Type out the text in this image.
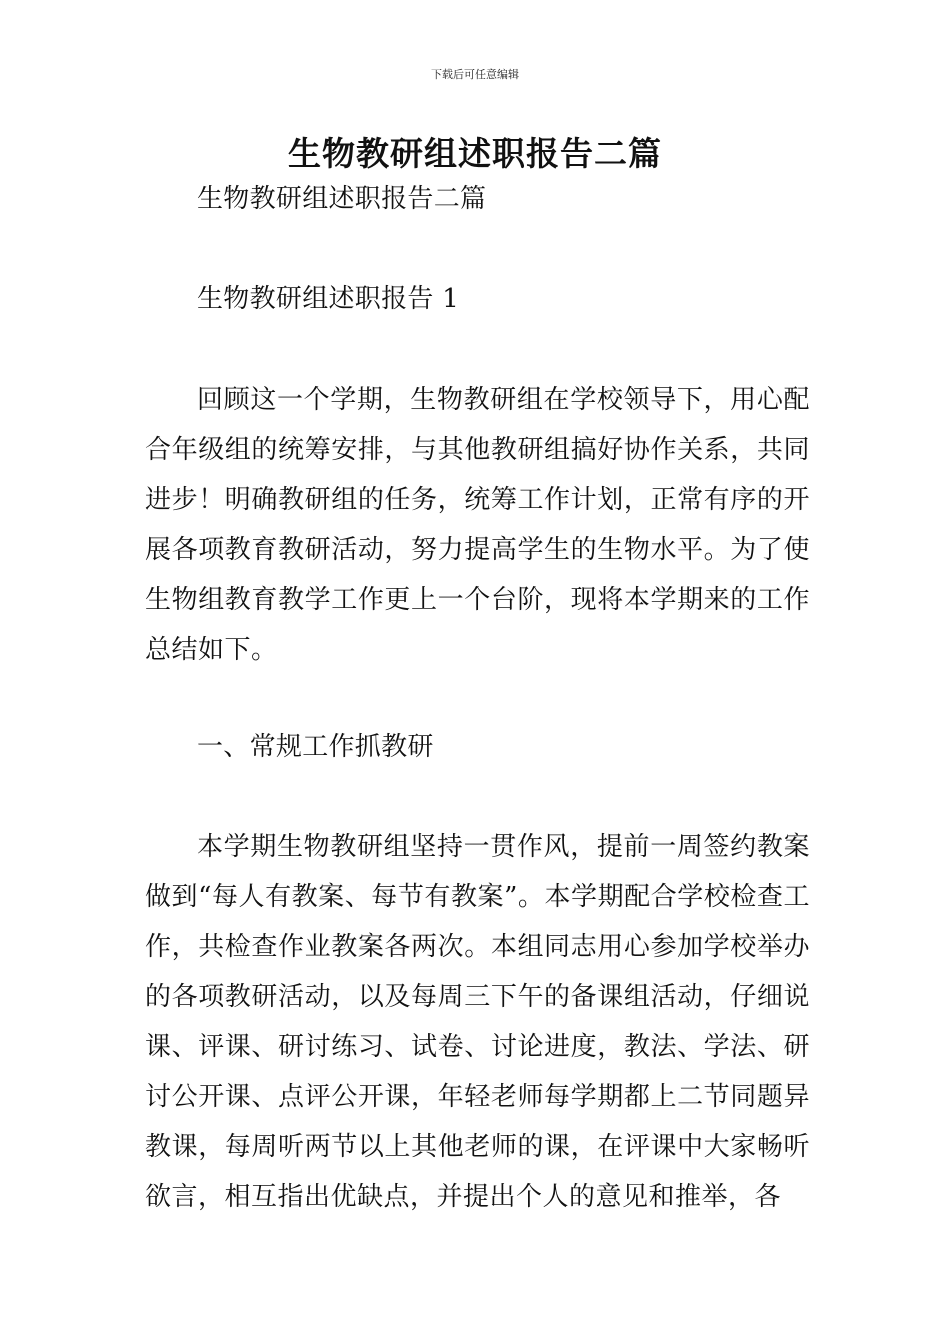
下载后可任意编辑
生物教研组述职报告二篇
生物教研组述职报告二篇
生物教研组述职报告 1
回顾这一个学期，生物教研组在学校领导下，用心配合年级组的统筹安排，与其他教研组搞好协作关系，共同进步！明确教研组的任务，统筹工作计划，正常有序的开展各项教育教研活动，努力提高学生的生物水平。为了使生物组教育教学工作更上一个台阶，现将本学期来的工作总结如下。
一、常规工作抓教研
本学期生物教研组坚持一贯作风，提前一周签约教案做到“每人有教案、每节有教案”。本学期配合学校检查工作，共检查作业教案各两次。本组同志用心参加学校举办的各项教研活动，以及每周三下午的备课组活动，仔细说课、评课、研讨练习、试卷、讨论进度，教法、学法、研讨公开课、点评公开课，年轻老师每学期都上二节同题异教课，每周听两节以上其他老师的课，在评课中大家畅听欲言，相互指出优缺点，并提出个人的意见和推举，各
